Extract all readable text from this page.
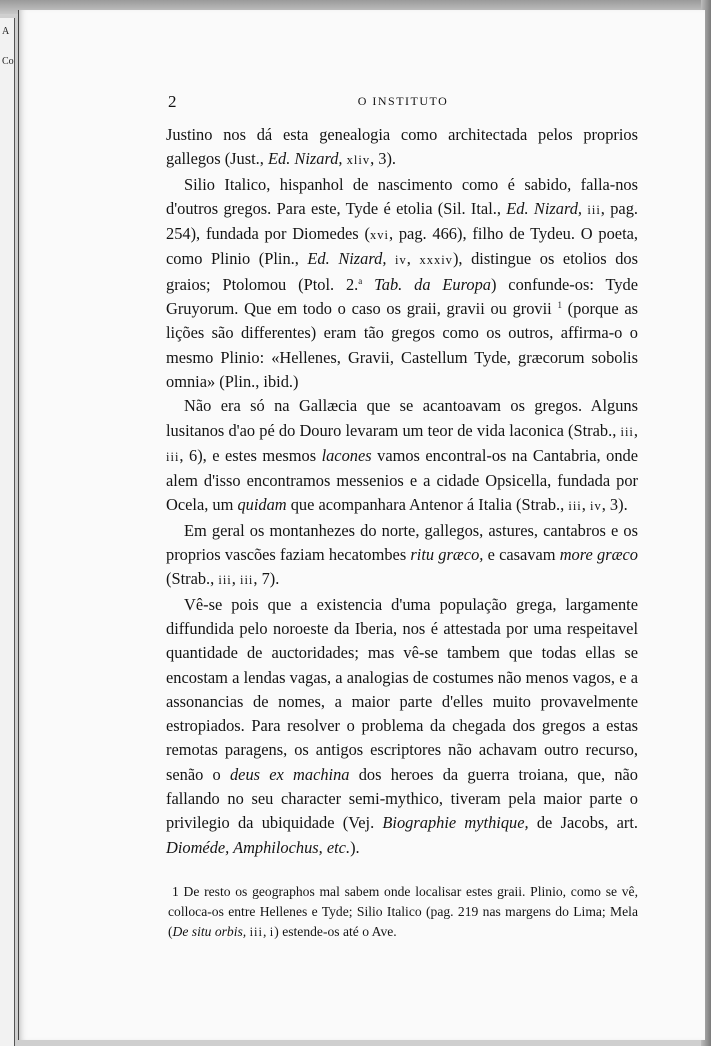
A
Co
2	O INSTITUTO

Justino nos dá esta genealogia como architectada pelos proprios gallegos (Just., Ed. Nizard, xliv, 3).

Silio Italico, hispanhol de nascimento como é sabido, falla-nos d'outros gregos. Para este, Tyde é etolia (Sil. Ital., Ed. Nizard, iii, pag. 254), fundada por Diomedes (xvi, pag. 466), filho de Tydeu. O poeta, como Plinio (Plin., Ed. Nizard, iv, xxxiv), distingue os etolios dos graios; Ptolomou (Ptol. 2.$^a$ Tab. da Europa) confunde-os: Tyde Gruyorum. Que em todo o caso os graii, gravii ou grovii $^1$ (porque as lições são differentes) eram tão gregos como os outros, affirma-o o mesmo Plinio: «Hellenes, Gravii, Castellum Tyde, græcorum sobolis omnia» (Plin., ibid.)

Não era só na Gallæcia que se acantoavam os gregos. Alguns lusitanos d'ao pé do Douro levaram um teor de vida laconica (Strab., iii, iii, 6), e estes mesmos lacones vamos encontral-os na Cantabria, onde alem d'isso encontramos messenios e a cidade Opsicella, fundada por Ocela, um quidam que acompanhara Antenor á Italia (Strab., iii, iv, 3).

Em geral os montanhezes do norte, gallegos, astures, cantabros e os proprios vascões faziam hecatombes ritu græco, e casavam more græco (Strab., iii, iii, 7).

Vê-se pois que a existencia d'uma população grega, largamente diffundida pelo noroeste da Iberia, nos é attestada por uma respeitavel quantidade de auctoridades; mas vê-se tambem que todas ellas se encostam a lendas vagas, a analogias de costumes não menos vagos, e a assonancias de nomes, a maior parte d'elles muito provavelmente estropiados. Para resolver o problema da chegada dos gregos a estas remotas paragens, os antigos escriptores não achavam outro recurso, senão o deus ex machina dos heroes da guerra troiana, que, não fallando no seu character semi-mythico, tiveram pela maior parte o privilegio da ubiquidade (Vej. Biographie mythique, de Jacobs, art. Dioméde, Amphilochus, etc.).

1 De resto os geographos mal sabem onde localisar estes graii. Plinio, como se vê, colloca-os entre Hellenes e Tyde; Silio Italico (pag. 219 nas margens do Lima; Mela (De situ orbis, iii, i) estende-os até o Ave.
